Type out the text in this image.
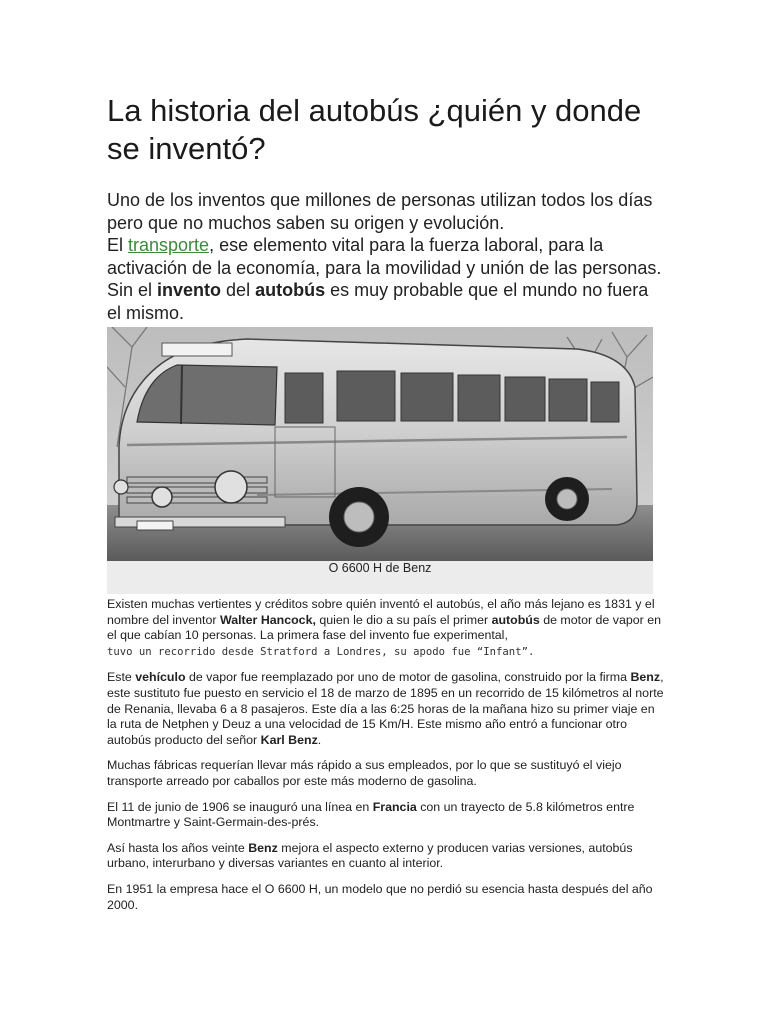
La historia del autobús ¿quién y donde se inventó?

Uno de los inventos que millones de personas utilizan todos los días pero que no muchos saben su origen y evolución.

El transporte, ese elemento vital para la fuerza laboral, para la activación de la economía, para la movilidad y unión de las personas. Sin el invento del autobús es muy probable que el mundo no fuera el mismo.

O 6600 H de Benz

Existen muchas vertientes y créditos sobre quién inventó el autobús, el año más lejano es 1831 y el nombre del inventor Walter Hancock, quien le dio a su país el primer autobús de motor de vapor en el que cabían 10 personas. La primera fase del invento fue experimental,
tuvo un recorrido desde Stratford a Londres, su apodo fue “Infant”.

Este vehículo de vapor fue reemplazado por uno de motor de gasolina, construido por la firma Benz, este sustituto fue puesto en servicio el 18 de marzo de 1895 en un recorrido de 15 kilómetros al norte de Renania, llevaba 6 a 8 pasajeros. Este día a las 6:25 horas de la mañana hizo su primer viaje en la ruta de Netphen y Deuz a una velocidad de 15 Km/H. Este mismo año entró a funcionar otro autobús producto del señor Karl Benz.

Muchas fábricas requerían llevar más rápido a sus empleados, por lo que se sustituyó el viejo transporte arreado por caballos por este más moderno de gasolina.

El 11 de junio de 1906 se inauguró una línea en Francia con un trayecto de 5.8 kilómetros entre Montmartre y Saint-Germain-des-prés.

Así hasta los años veinte Benz mejora el aspecto externo y producen varias versiones, autobús urbano, interurbano y diversas variantes en cuanto al interior.

En 1951 la empresa hace el O 6600 H, un modelo que no perdió su esencia hasta después del año 2000.
